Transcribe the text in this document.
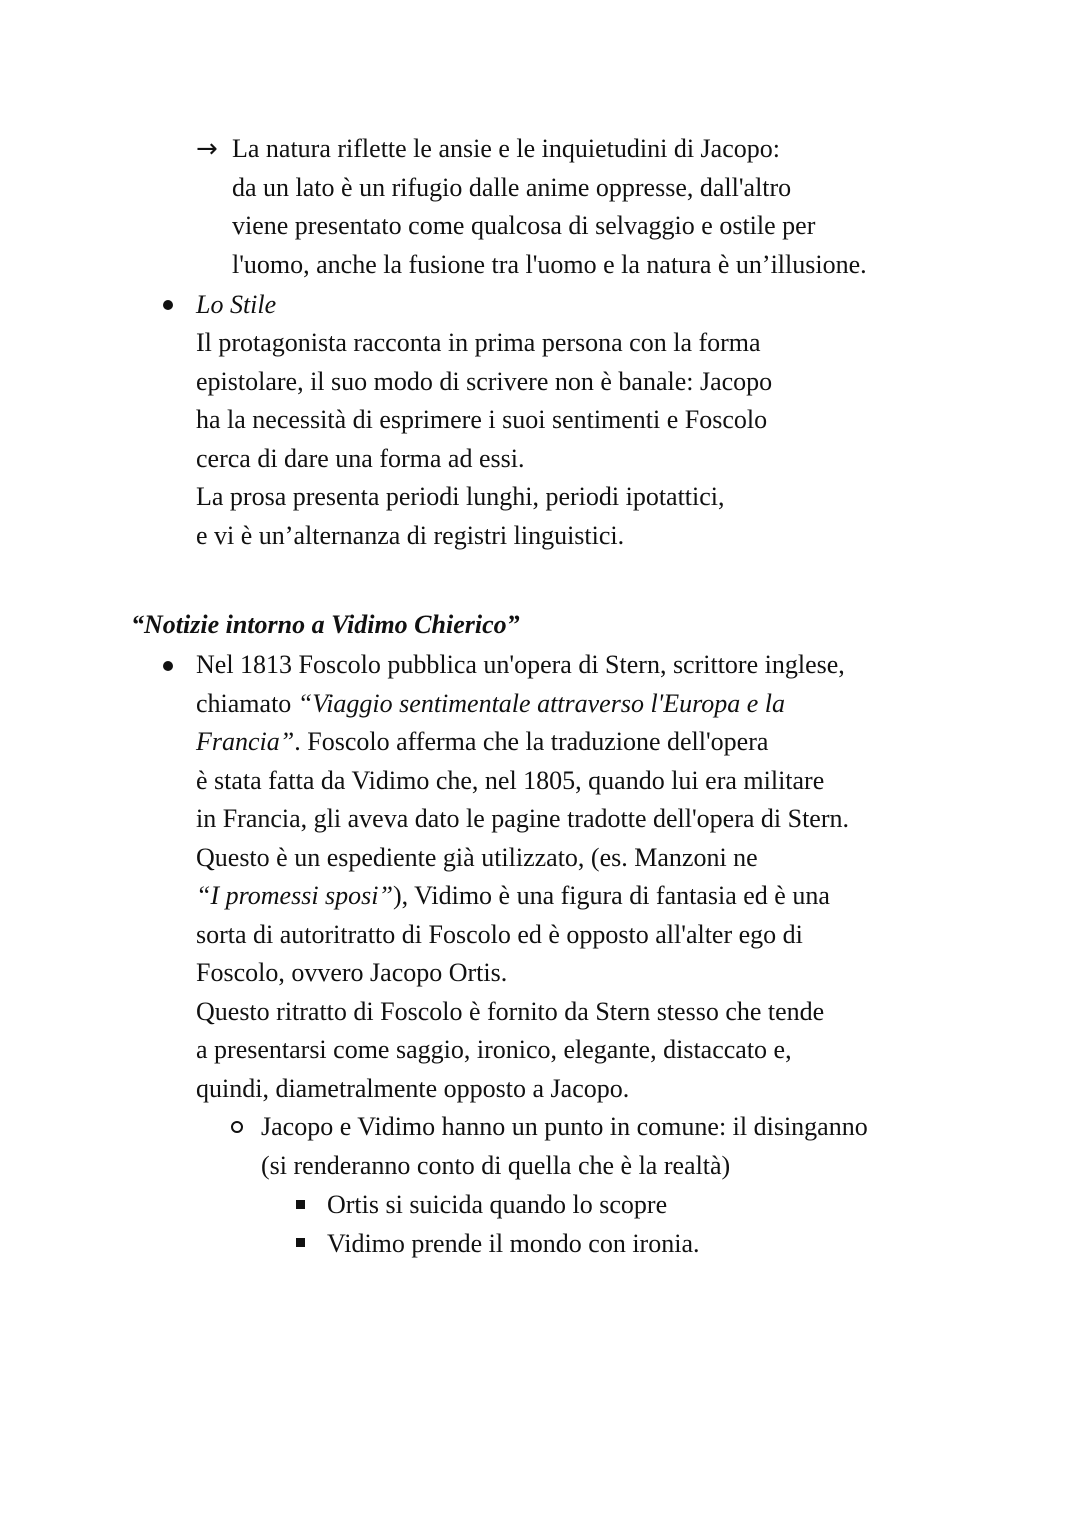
→ La natura riflette le ansie e le inquietudini di Jacopo:
da un lato è un rifugio dalle anime oppresse, dall'altro
viene presentato come qualcosa di selvaggio e ostile per
l'uomo, anche la fusione tra l'uomo e la natura è un’illusione.
Lo Stile
Il protagonista racconta in prima persona con la forma
epistolare, il suo modo di scrivere non è banale: Jacopo
ha la necessità di esprimere i suoi sentimenti e Foscolo
cerca di dare una forma ad essi.
La prosa presenta periodi lunghi, periodi ipotattici,
e vi è un’alternanza di registri linguistici.
“Notizie intorno a Vidimo Chierico”
Nel 1813 Foscolo pubblica un'opera di Stern, scrittore inglese,
chiamato “Viaggio sentimentale attraverso l'Europa e la
Francia”. Foscolo afferma che la traduzione dell'opera
è stata fatta da Vidimo che, nel 1805, quando lui era militare
in Francia, gli aveva dato le pagine tradotte dell'opera di Stern.
Questo è un espediente già utilizzato, (es. Manzoni ne
“I promessi sposi”), Vidimo è una figura di fantasia ed è una
sorta di autoritratto di Foscolo ed è opposto all'alter ego di
Foscolo, ovvero Jacopo Ortis.
Questo ritratto di Foscolo è fornito da Stern stesso che tende
a presentarsi come saggio, ironico, elegante, distaccato e,
quindi, diametralmente opposto a Jacopo.
Jacopo e Vidimo hanno un punto in comune: il disinganno
(si renderanno conto di quella che è la realtà)
Ortis si suicida quando lo scopre
Vidimo prende il mondo con ironia.
